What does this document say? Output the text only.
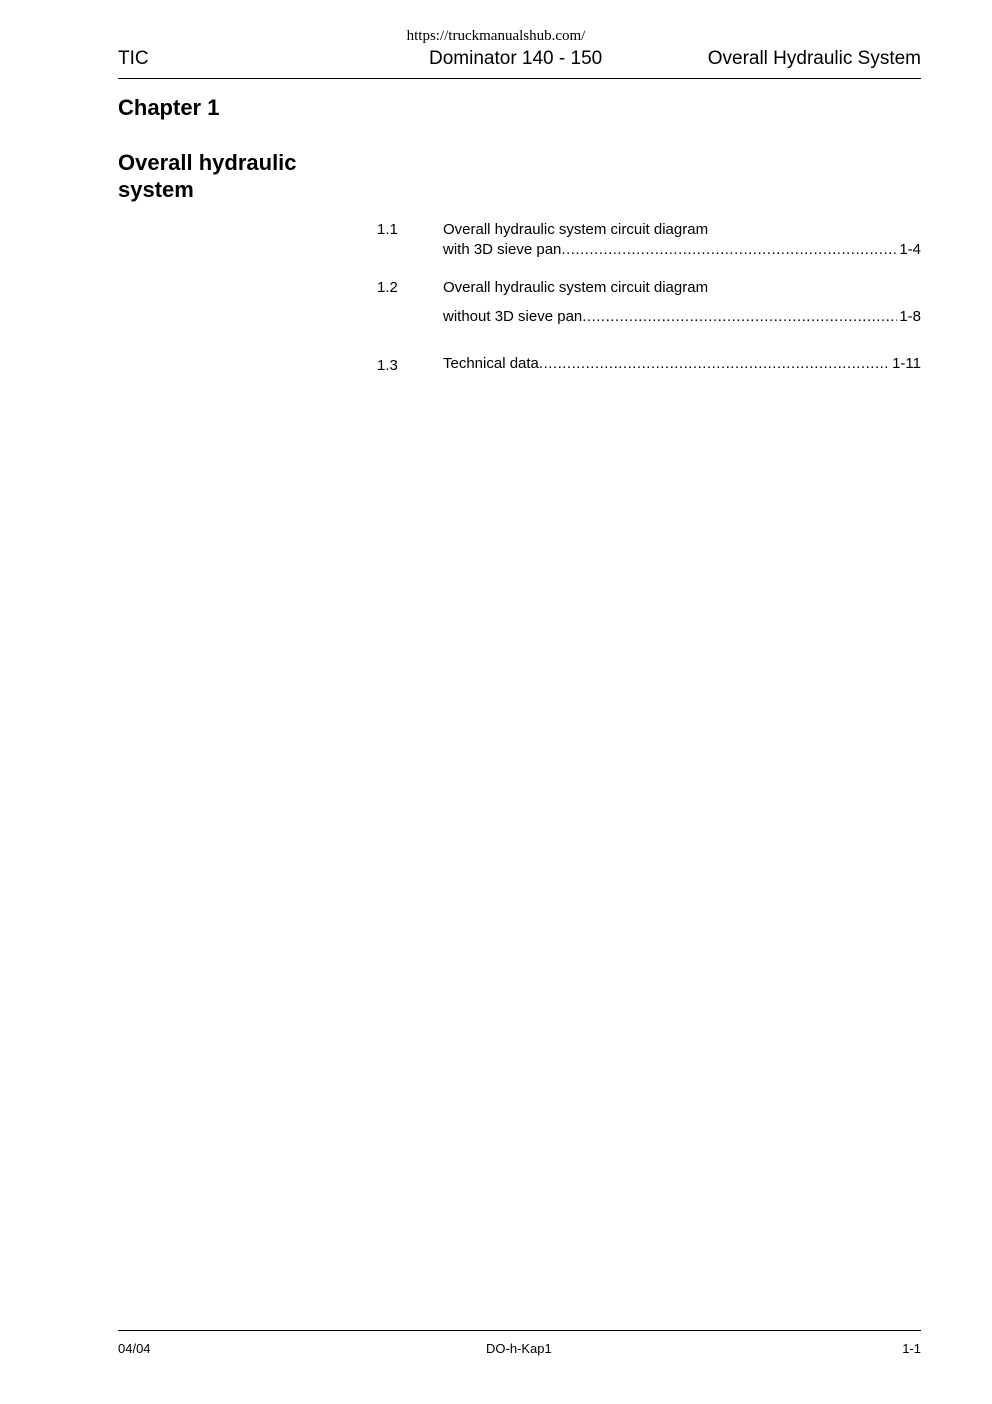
https://truckmanualshub.com/
TIC	Dominator 140 - 150	Overall Hydraulic System
Chapter 1
Overall hydraulic system
1.1	Overall hydraulic system circuit diagram
with 3D sieve pan .....	1-4
1.2	Overall hydraulic system circuit diagram
without 3D sieve pan .....	1-8
1.3	Technical data .....	1-11
04/04	DO-h-Kap1	1-1
